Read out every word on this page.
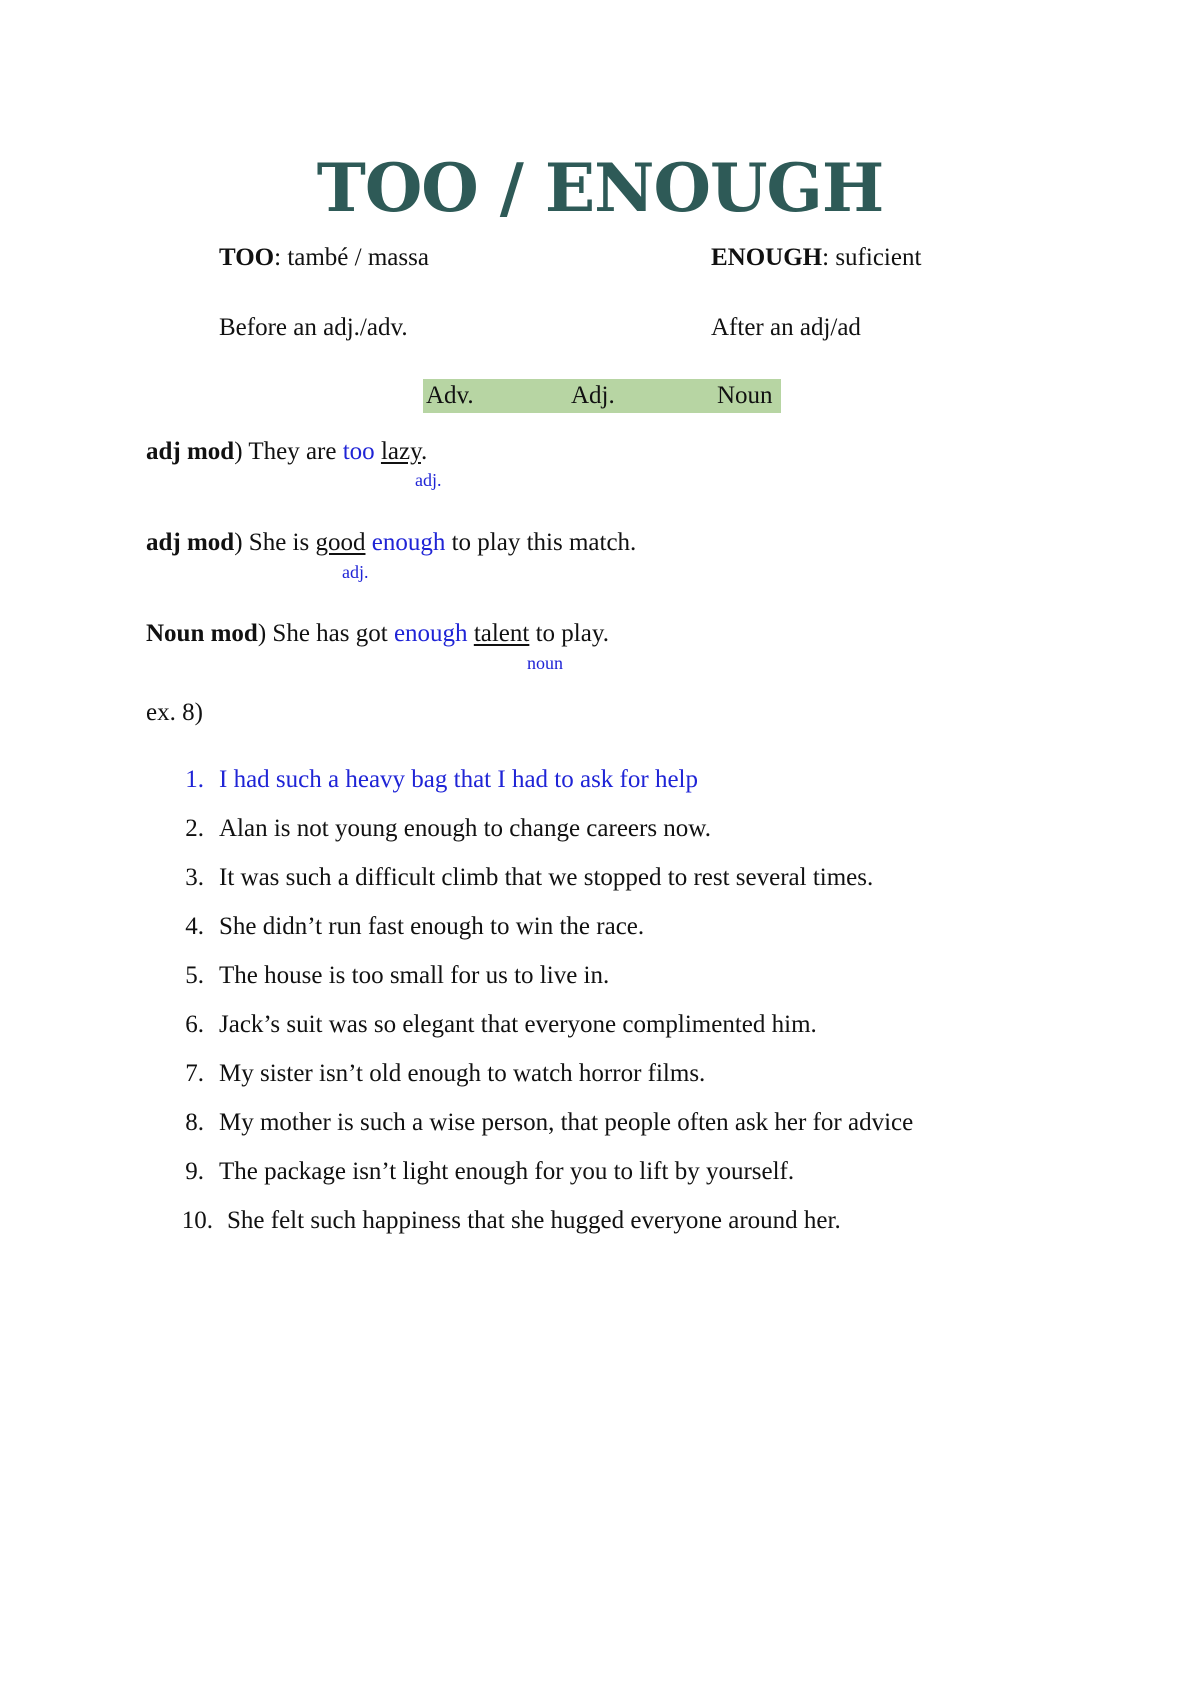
TOO / ENOUGH
TOO: també / massa	ENOUGH: suficient
Before an adj./adv.	After an adj/ad
Adv.	Adj.	Noun
adj mod) They are too lazy.
adj.
adj mod) She is good enough to play this match.
adj.
Noun mod) She has got enough talent to play.
noun
ex. 8)
1. I had such a heavy bag that I had to ask for help
2. Alan is not young enough to change careers now.
3. It was such a difficult climb that we stopped to rest several times.
4. She didn’t run fast enough to win the race.
5. The house is too small for us to live in.
6. Jack’s suit was so elegant that everyone complimented him.
7. My sister isn’t old enough to watch horror films.
8. My mother is such a wise person, that people often ask her for advice
9. The package isn’t light enough for you to lift by yourself.
10. She felt such happiness that she hugged everyone around her.
